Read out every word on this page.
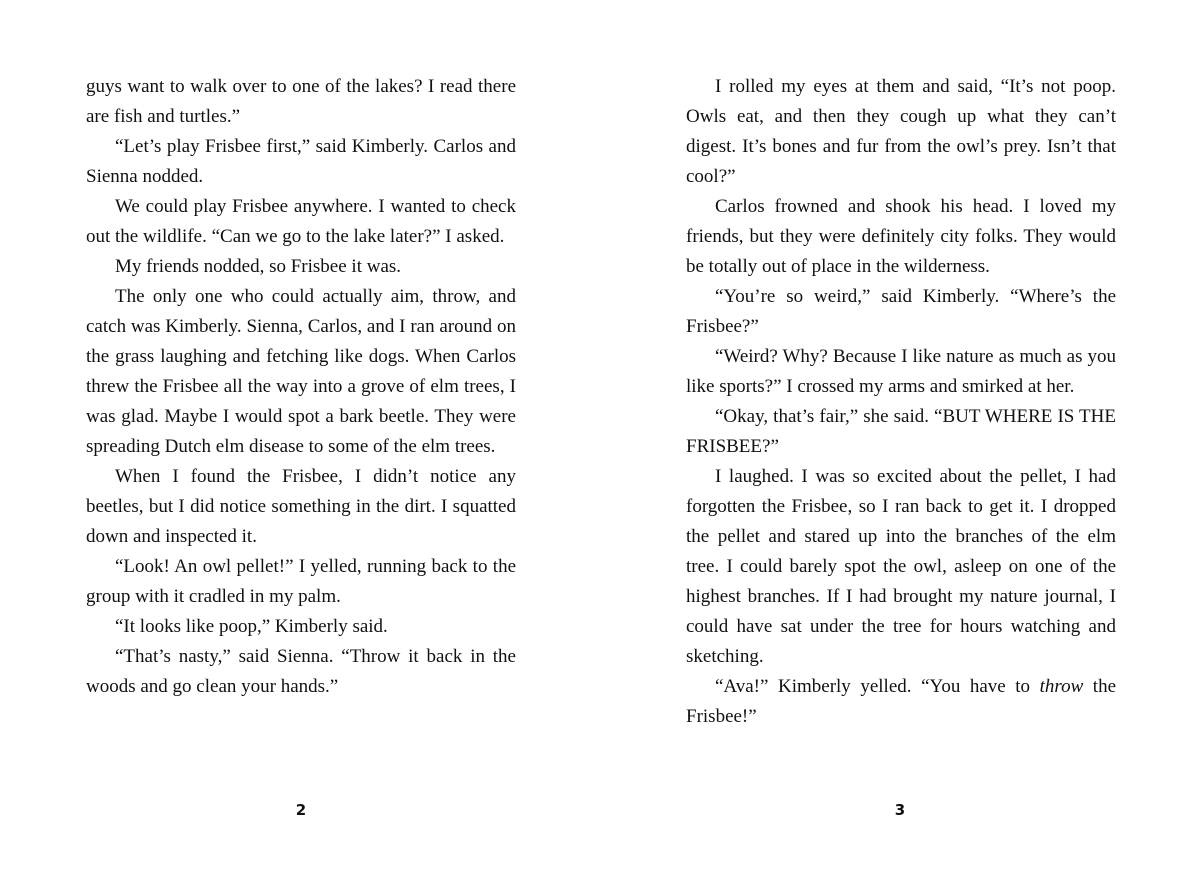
guys want to walk over to one of the lakes? I read there are fish and turtles.”

“Let’s play Frisbee first,” said Kimberly. Carlos and Sienna nodded.

We could play Frisbee anywhere. I wanted to check out the wildlife. “Can we go to the lake later?” I asked.

My friends nodded, so Frisbee it was.

The only one who could actually aim, throw, and catch was Kimberly. Sienna, Carlos, and I ran around on the grass laughing and fetching like dogs. When Carlos threw the Frisbee all the way into a grove of elm trees, I was glad. Maybe I would spot a bark beetle. They were spreading Dutch elm disease to some of the elm trees.

When I found the Frisbee, I didn’t notice any beetles, but I did notice something in the dirt. I squatted down and inspected it.

“Look! An owl pellet!” I yelled, running back to the group with it cradled in my palm.

“It looks like poop,” Kimberly said.

“That’s nasty,” said Sienna. “Throw it back in the woods and go clean your hands.”

I rolled my eyes at them and said, “It’s not poop. Owls eat, and then they cough up what they can’t digest. It’s bones and fur from the owl’s prey. Isn’t that cool?”

Carlos frowned and shook his head. I loved my friends, but they were definitely city folks. They would be totally out of place in the wilderness.

“You’re so weird,” said Kimberly. “Where’s the Frisbee?”

“Weird? Why? Because I like nature as much as you like sports?” I crossed my arms and smirked at her.

“Okay, that’s fair,” she said. “BUT WHERE IS THE FRISBEE?”

I laughed. I was so excited about the pellet, I had forgotten the Frisbee, so I ran back to get it. I dropped the pellet and stared up into the branches of the elm tree. I could barely spot the owl, asleep on one of the highest branches. If I had brought my nature journal, I could have sat under the tree for hours watching and sketching.

“Ava!” Kimberly yelled. “You have to throw the Frisbee!”

2	3
